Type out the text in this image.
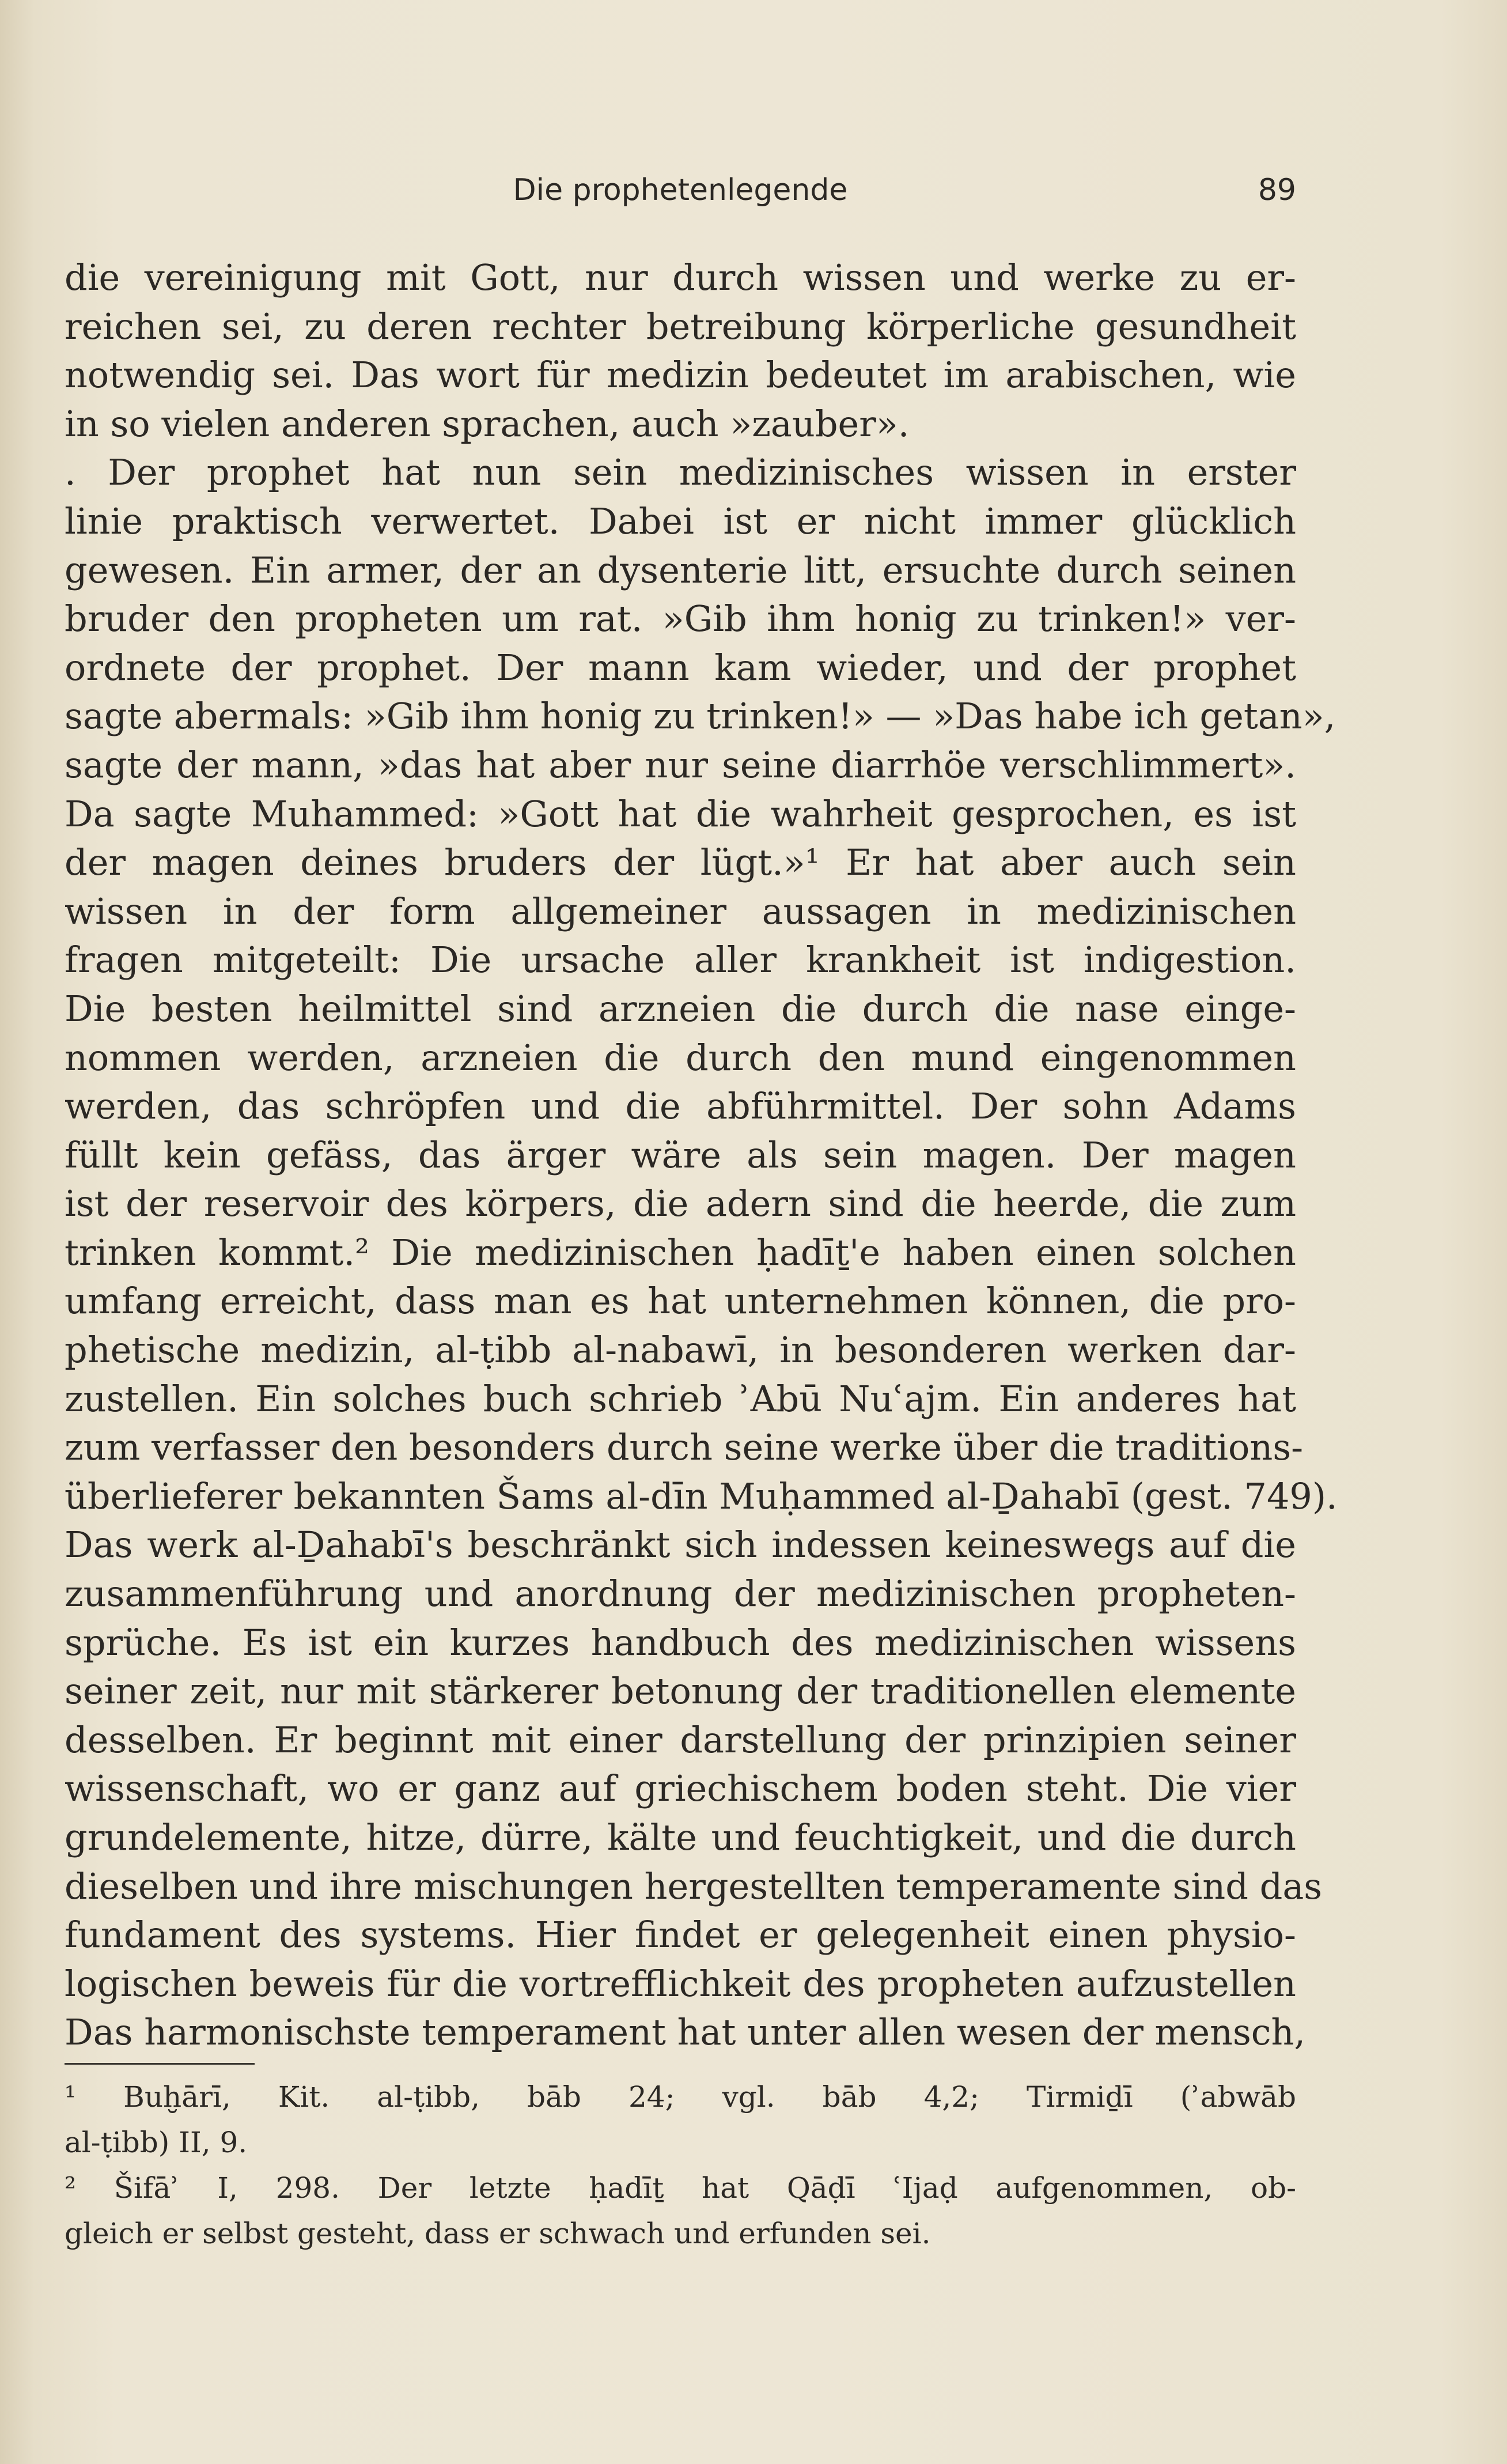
Die prophetenlegende	89
die vereinigung mit Gott, nur durch wissen und werke zu er-
reichen sei, zu deren rechter betreibung körperliche gesundheit
notwendig sei. Das wort für medizin bedeutet im arabischen, wie
in so vielen anderen sprachen, auch »zauber».
. Der prophet hat nun sein medizinisches wissen in erster
linie praktisch verwertet. Dabei ist er nicht immer glücklich
gewesen. Ein armer, der an dysenterie litt, ersuchte durch seinen
bruder den propheten um rat. »Gib ihm honig zu trinken!» ver-
ordnete der prophet. Der mann kam wieder, und der prophet
sagte abermals: »Gib ihm honig zu trinken!» — »Das habe ich getan»,
sagte der mann, »das hat aber nur seine diarrhöe verschlimmert».
Da sagte Muhammed: »Gott hat die wahrheit gesprochen, es ist
der magen deines bruders der lügt.»¹ Er hat aber auch sein
wissen in der form allgemeiner aussagen in medizinischen
fragen mitgeteilt: Die ursache aller krankheit ist indigestion.
Die besten heilmittel sind arzneien die durch die nase einge-
nommen werden, arzneien die durch den mund eingenommen
werden, das schröpfen und die abführmittel. Der sohn Adams
füllt kein gefäss, das ärger wäre als sein magen. Der magen
ist der reservoir des körpers, die adern sind die heerde, die zum
trinken kommt.² Die medizinischen ḥadīṯ'e haben einen solchen
umfang erreicht, dass man es hat unternehmen können, die pro-
phetische medizin, al-ṭibb al-nabawī, in besonderen werken dar-
zustellen. Ein solches buch schrieb ʾAbū Nuʿajm. Ein anderes hat
zum verfasser den besonders durch seine werke über die traditions-
überlieferer bekannten Šams al-dīn Muḥammed al-Ḏahabī (gest. 749).
Das werk al-Ḏahabī's beschränkt sich indessen keineswegs auf die
zusammenführung und anordnung der medizinischen propheten-
sprüche. Es ist ein kurzes handbuch des medizinischen wissens
seiner zeit, nur mit stärkerer betonung der traditionellen elemente
desselben. Er beginnt mit einer darstellung der prinzipien seiner
wissenschaft, wo er ganz auf griechischem boden steht. Die vier
grundelemente, hitze, dürre, kälte und feuchtigkeit, und die durch
dieselben und ihre mischungen hergestellten temperamente sind das
fundament des systems. Hier findet er gelegenheit einen physio-
logischen beweis für die vortrefflichkeit des propheten aufzustellen
Das harmonischste temperament hat unter allen wesen der mensch,
¹ Buḫārī, Kit. al-ṭibb, bāb 24; vgl. bāb 4,2; Tirmiḏī (ʾabwāb
al-ṭibb) II, 9.
² Šifāʾ I, 298. Der letzte ḥadīṯ hat Qāḍī ʿIjaḍ aufgenommen, ob-
gleich er selbst gesteht, dass er schwach und erfunden sei.
